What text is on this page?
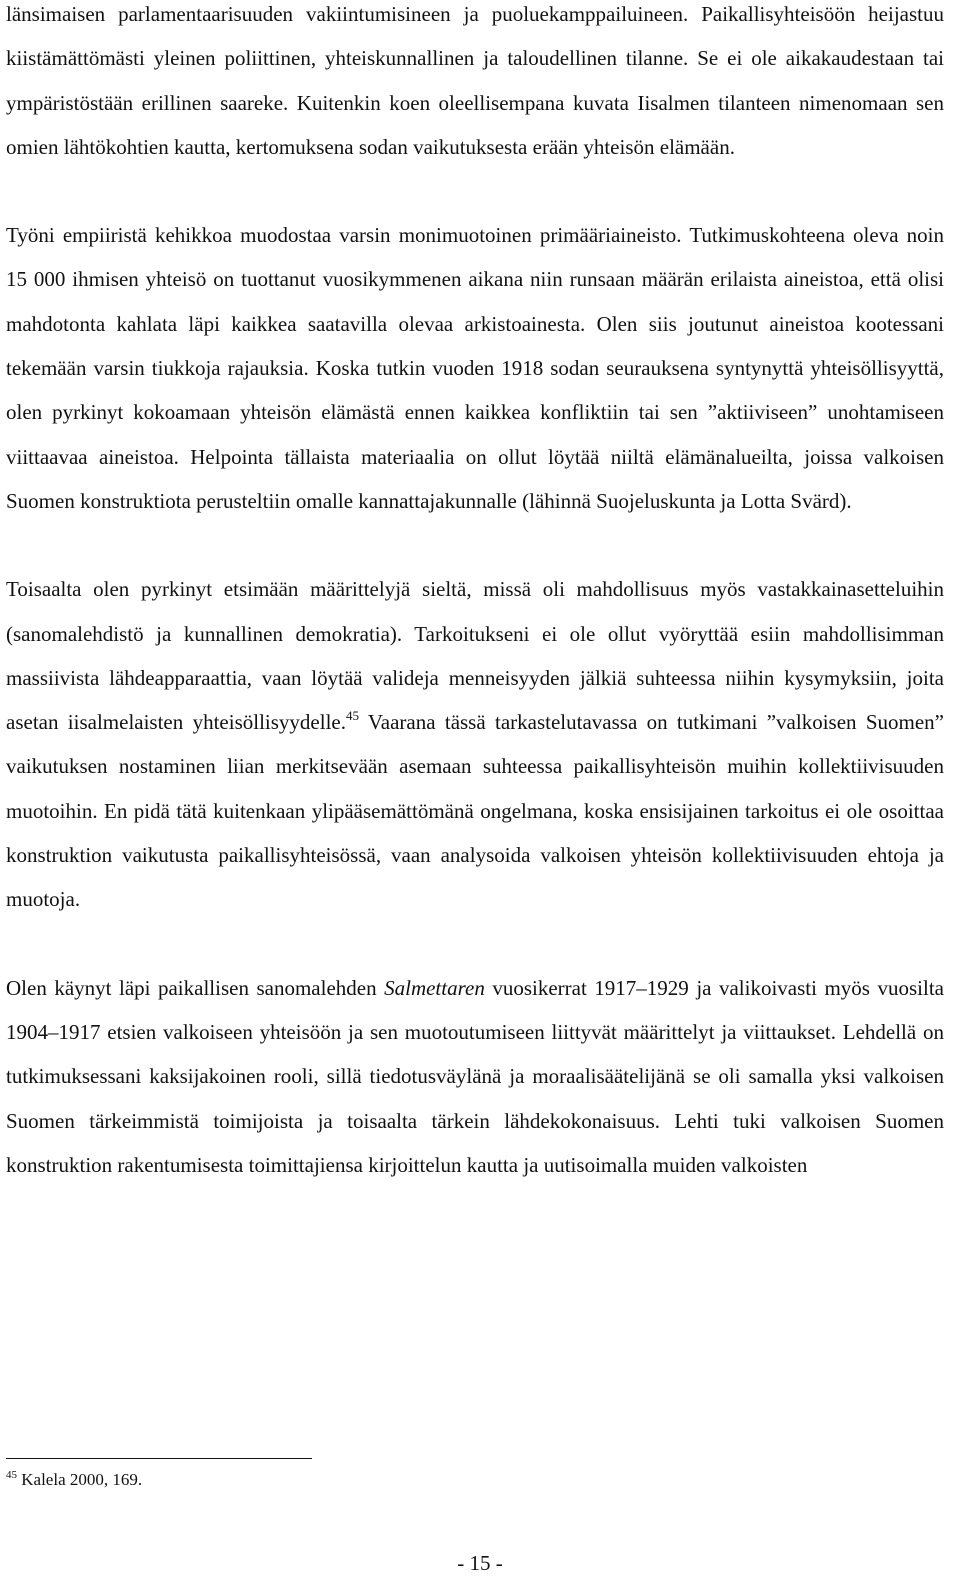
länsimaisen parlamentaarisuuden vakiintumisineen ja puoluekamppailuineen. Paikallisyhteisöön heijastuu kiistämättömästi yleinen poliittinen, yhteiskunnallinen ja taloudellinen tilanne. Se ei ole aikakaudestaan tai ympäristöstään erillinen saareke. Kuitenkin koen oleellisempana kuvata Iisalmen tilanteen nimenomaan sen omien lähtökohtien kautta, kertomuksena sodan vaikutuksesta erään yhteisön elämään.

Työni empiiristä kehikkoa muodostaa varsin monimuotoinen primääriaineisto. Tutkimuskohteena oleva noin 15 000 ihmisen yhteisö on tuottanut vuosikymmenen aikana niin runsaan määrän erilaista aineistoa, että olisi mahdotonta kahlata läpi kaikkea saatavilla olevaa arkistoainesta. Olen siis joutunut aineistoa kootessani tekemään varsin tiukkoja rajauksia. Koska tutkin vuoden 1918 sodan seurauksena syntynyttä yhteisöllisyyttä, olen pyrkinyt kokoamaan yhteisön elämästä ennen kaikkea konfliktiin tai sen ”aktiiviseen” unohtamiseen viittaavaa aineistoa. Helpointa tällaista materiaalia on ollut löytää niiltä elämänalueilta, joissa valkoisen Suomen konstruktiota perusteltiin omalle kannattajakunnalle (lähinnä Suojeluskunta ja Lotta Svärd).

Toisaalta olen pyrkinyt etsimään määrittelyjä sieltä, missä oli mahdollisuus myös vastakkainasetteluihin (sanomalehdistö ja kunnallinen demokratia). Tarkoitukseni ei ole ollut vyöryttää esiin mahdollisimman massiivista lähdeapparaattia, vaan löytää valideja menneisyyden jälkiä suhteessa niihin kysymyksiin, joita asetan iisalmelaisten yhteisöllisyydelle.$^{45}$ Vaarana tässä tarkastelutavassa on tutkimani ”valkoisen Suomen” vaikutuksen nostaminen liian merkitsevään asemaan suhteessa paikallisyhteisön muihin kollektiivisuuden muotoihin. En pidä tätä kuitenkaan ylipääsemättömänä ongelmana, koska ensisijainen tarkoitus ei ole osoittaa konstruktion vaikutusta paikallisyhteisössä, vaan analysoida valkoisen yhteisön kollektiivisuuden ehtoja ja muotoja.

Olen käynyt läpi paikallisen sanomalehden Salmettaren vuosikerrat 1917–1929 ja valikoivasti myös vuosilta 1904–1917 etsien valkoiseen yhteisöön ja sen muotoutumiseen liittyvät määrittelyt ja viittaukset. Lehdellä on tutkimuksessani kaksijakoinen rooli, sillä tiedotusväylänä ja moraalisäätelijänä se oli samalla yksi valkoisen Suomen tärkeimmistä toimijoista ja toisaalta tärkein lähdekokonaisuus. Lehti tuki valkoisen Suomen konstruktion rakentumisesta toimittajiensa kirjoittelun kautta ja uutisoimalla muiden valkoisten

$^{45}$ Kalela 2000, 169.

- 15 -
